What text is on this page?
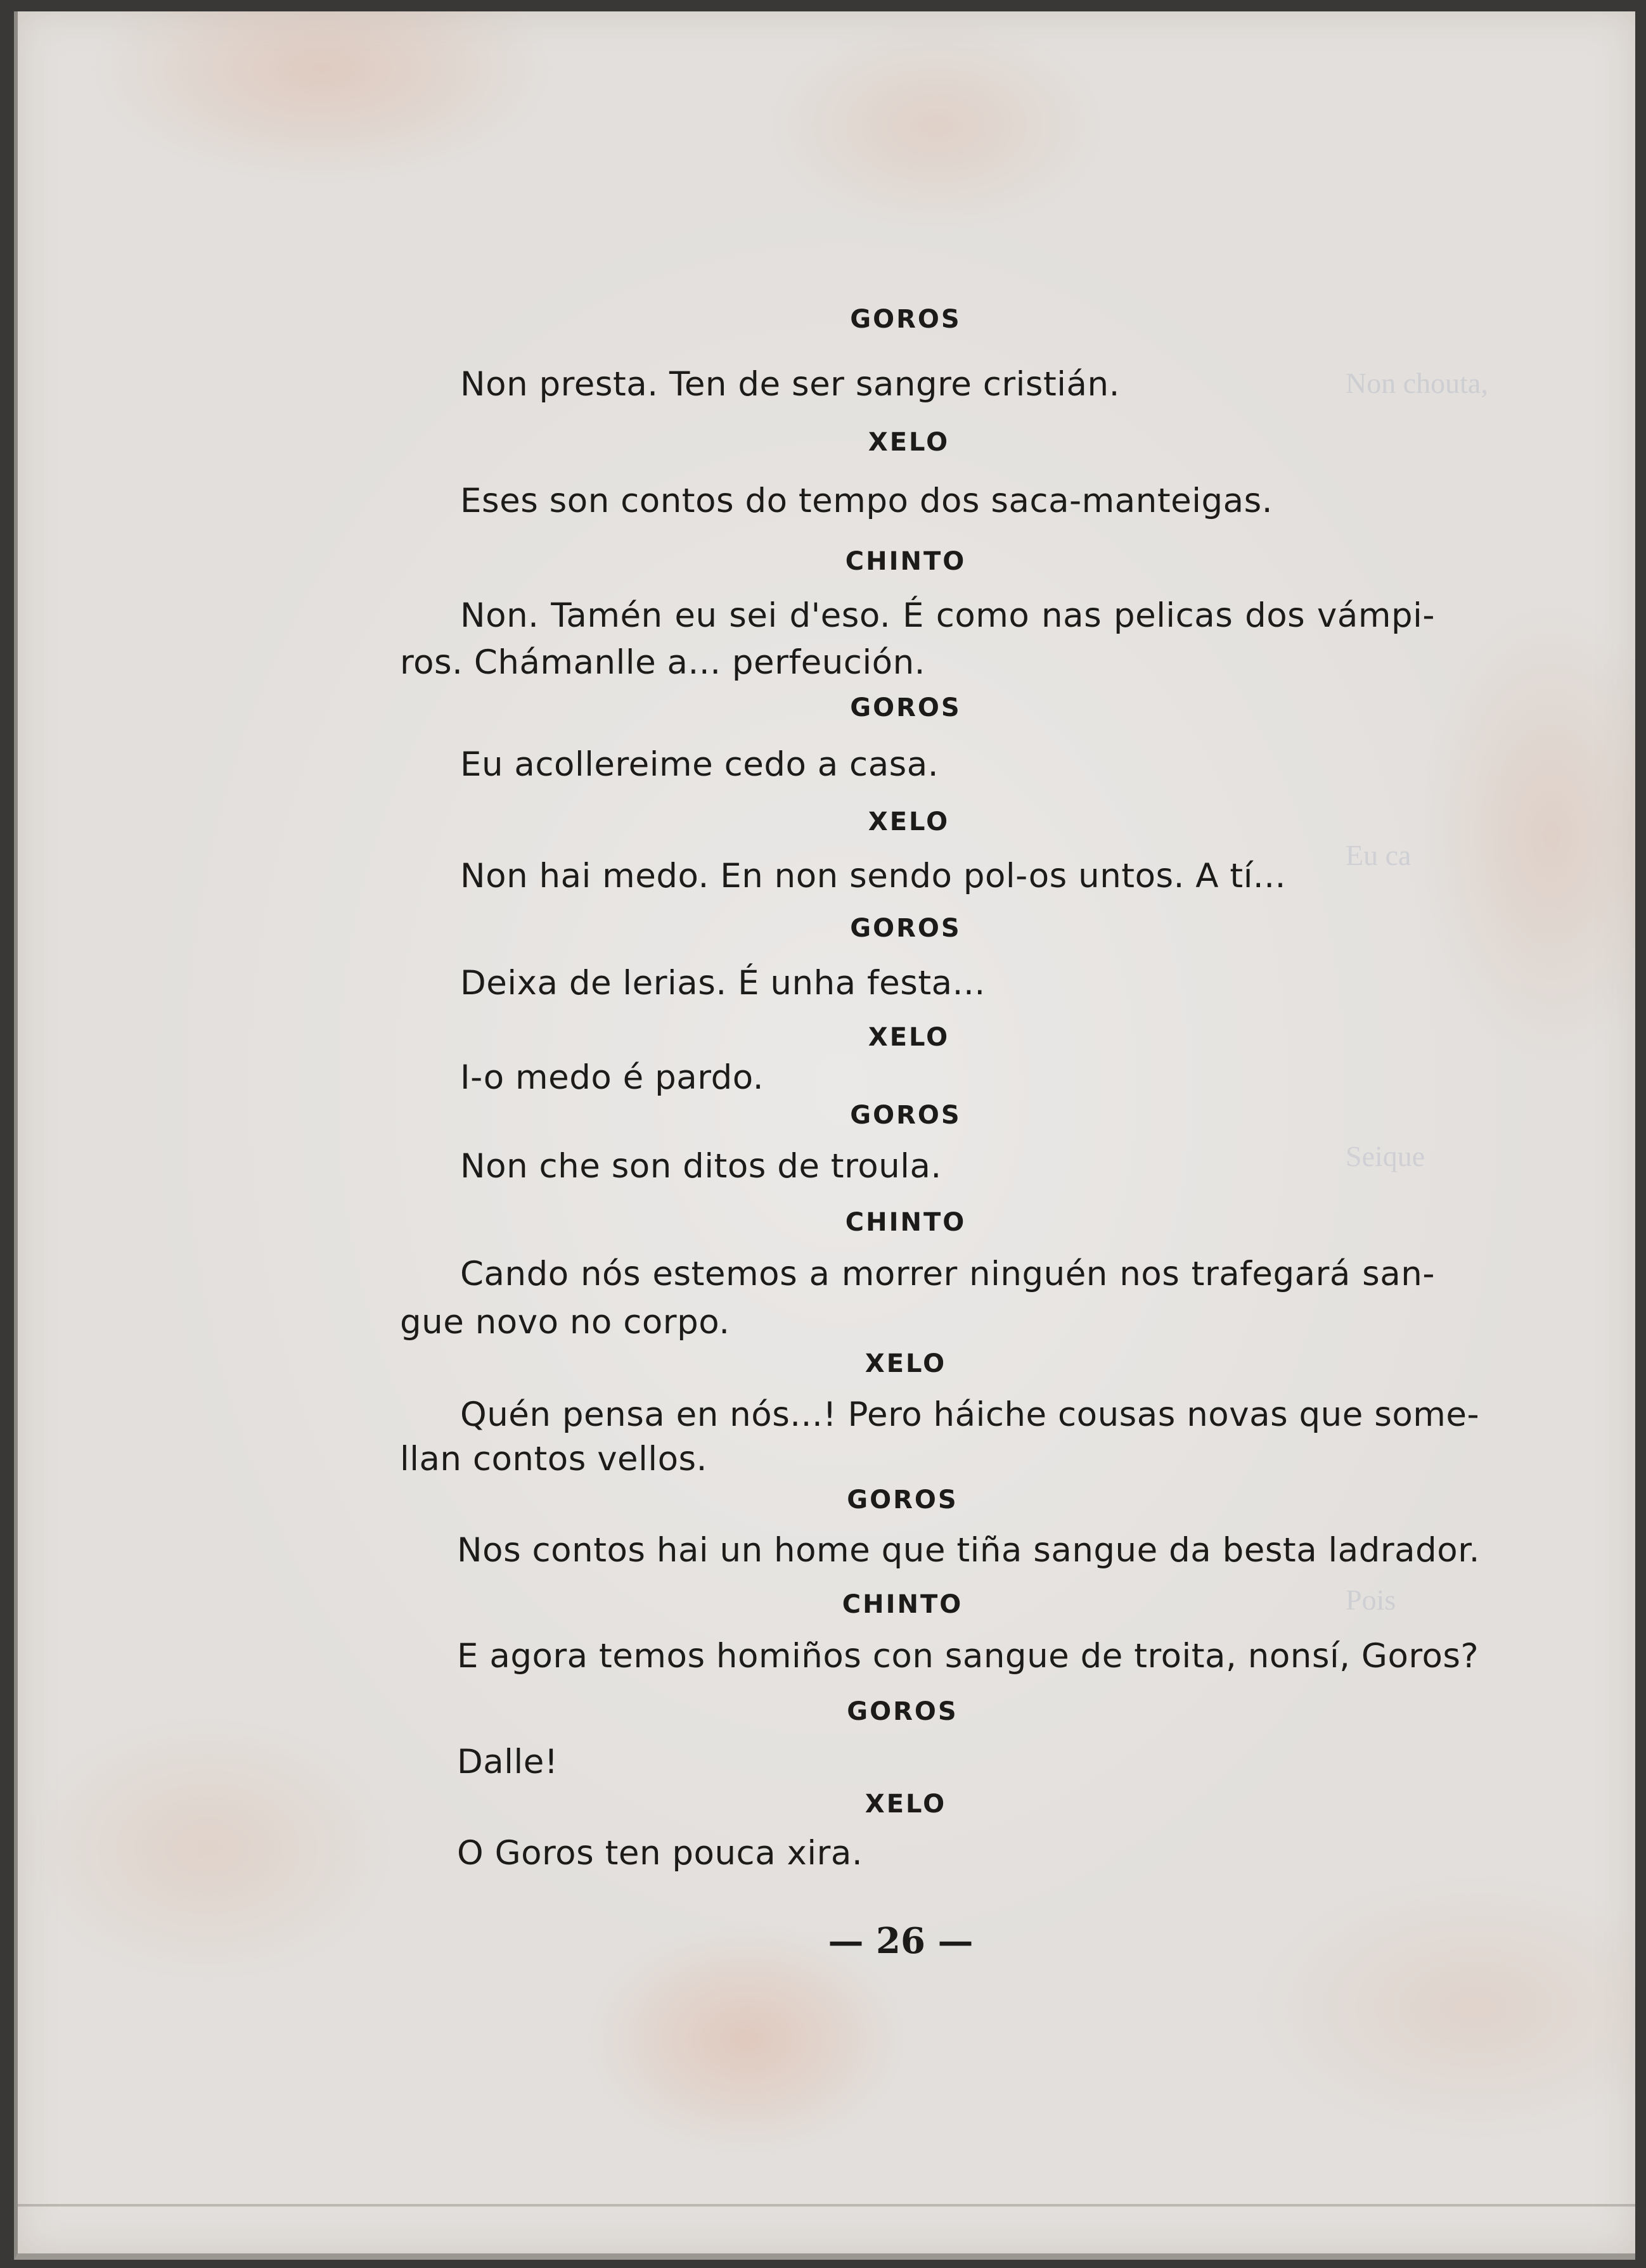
Non chouta,
Eu ca
Seique
Pois
GOROS
Non presta. Ten de ser sangre cristián.
XELO
Eses son contos do tempo dos saca-manteigas.
CHINTO
Non. Tamén eu sei d'eso. É como nas pelicas dos vámpi-
ros. Chámanlle a... perfeución.
GOROS
Eu acollereime cedo a casa.
XELO
Non hai medo. En non sendo pol-os untos. A tí...
GOROS
Deixa de lerias. É unha festa...
XELO
I-o medo é pardo.
GOROS
Non che son ditos de troula.
CHINTO
Cando nós estemos a morrer ninguén nos trafegará san-
gue novo no corpo.
XELO
Quén pensa en nós...! Pero háiche cousas novas que some-
llan contos vellos.
GOROS
Nos contos hai un home que tiña sangue da besta ladrador.
CHINTO
E agora temos homiños con sangue de troita, nonsí, Goros?
GOROS
Dalle!
XELO
O Goros ten pouca xira.
— 26 —
